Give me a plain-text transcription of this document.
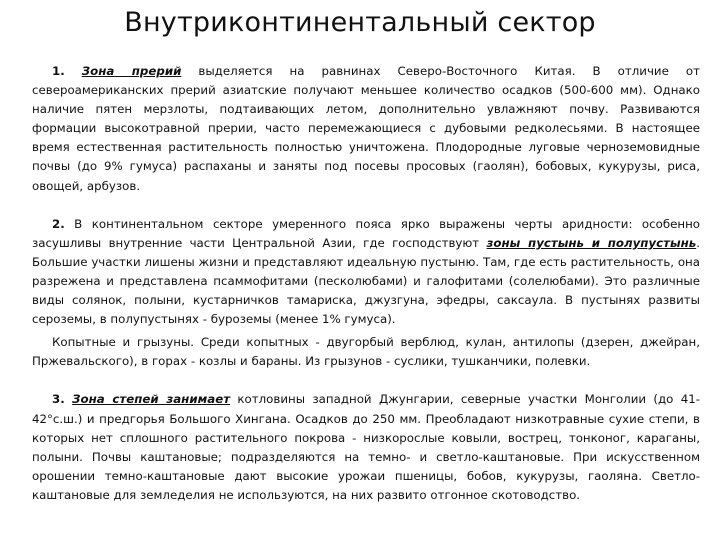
Внутриконтинентальный сектор

1. Зона прерий выделяется на равнинах Северо-Восточного Китая. В отличие от североамериканских прерий азиатские получают меньшее количество осадков (500-600 мм). Однако наличие пятен мерзлоты, подтаивающих летом, дополнительно увлажняют почву. Развиваются формации высокотравной прерии, часто перемежающиеся с дубовыми редколесьями. В настоящее время естественная растительность полностью уничтожена. Плодородные луговые черноземовидные почвы (до 9% гумуса) распаханы и заняты под посевы просовых (гаолян), бобовых, кукурузы, риса, овощей, арбузов.

2. В континентальном секторе умеренного пояса ярко выражены черты аридности: особенно засушливы внутренние части Центральной Азии, где господствуют зоны пустынь и полупустынь. Большие участки лишены жизни и представляют идеальную пустыню. Там, где есть растительность, она разрежена и представлена псаммофитами (песколюбами) и галофитами (солелюбами). Это различные виды солянок, полыни, кустарничков тамариска, джузгуна, эфедры, саксаула. В пустынях развиты сероземы, в полупустынях - буроземы (менее 1% гумуса).

Копытные и грызуны. Среди копытных - двугорбый верблюд, кулан, антилопы (дзерен, джейран, Пржевальского), в горах - козлы и бараны. Из грызунов - суслики, тушканчики, полевки.

3. Зона степей занимает котловины западной Джунгарии, северные участки Монголии (до 41-42°с.ш.) и предгорья Большого Хингана. Осадков до 250 мм. Преобладают низкотравные сухие степи, в которых нет сплошного растительного покрова - низкорослые ковыли, вострец, тонконог, караганы, полыни. Почвы каштановые; подразделяются на темно- и светло-каштановые. При искусственном орошении темно-каштановые дают высокие урожаи пшеницы, бобов, кукурузы, гаоляна. Светло-каштановые для земледелия не используются, на них развито отгонное скотоводство.
